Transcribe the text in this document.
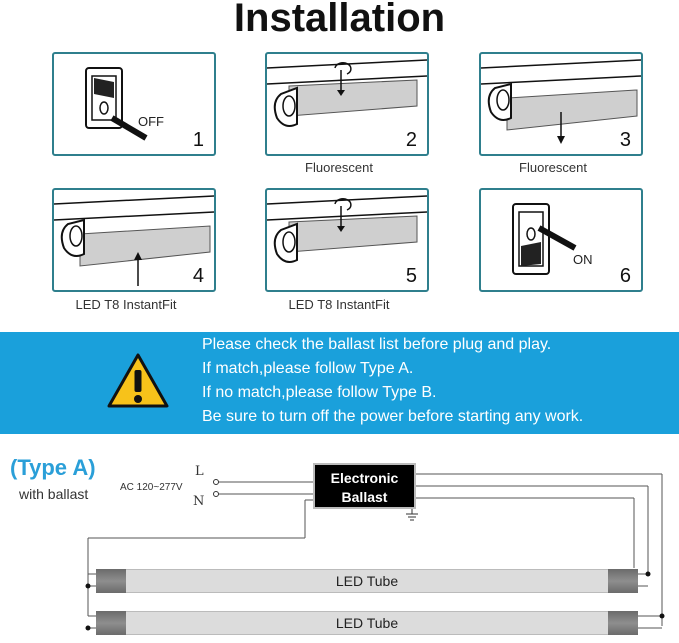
Installation
OFF
1	2
Fluorescent
3
Fluorescent
4
LED T8 InstantFit
5
LED T8 InstantFit
ON
6
Please check the ballast list before plug and play.
If match,please follow Type A.
If no match,please follow Type B.
Be sure to turn off the power before starting any work.
(Type A)
with ballast	AC 120~277V
L
N
Electronic
Ballast
LED Tube
LED Tube
